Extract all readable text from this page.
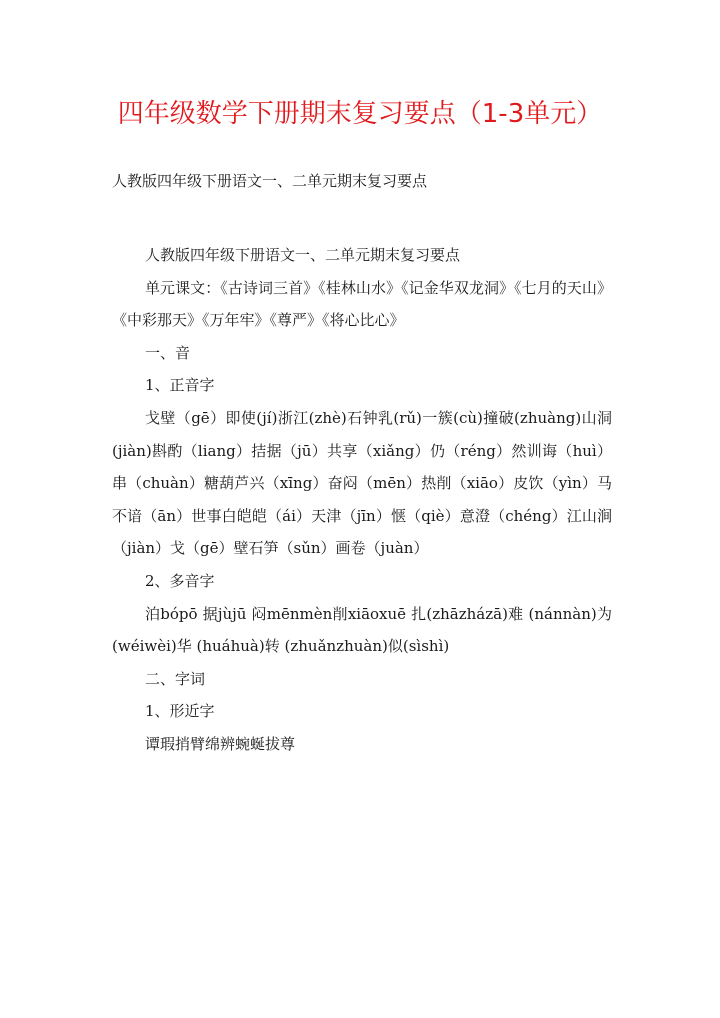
四年级数学下册期末复习要点（1-3单元）
人教版四年级下册语文一、二单元期末复习要点

人教版四年级下册语文一、二单元期末复习要点

单元课文：《古诗词三首》《桂林山水》《记金华双龙洞》《七月的天山》《中彩那天》《万年牢》《尊严》《将心比心》

一、音

1、正音字

戈壁（gē）即使(jí)浙江(zhè)石钟乳(rǔ)一簇(cù)撞破(zhuàng)山洞(jiàn)斟酌（liang）拮据（jū）共享（xiǎng）仍（réng）然训诲（huì）串（chuàn）糖葫芦兴（xīng）奋闷（mēn）热削（xiāo）皮饮（yìn）马不谙（ān）世事白皑皑（ái）天津（jīn）惬（qiè）意澄（chéng）江山涧（jiàn）戈（gē）壁石笋（sǔn）画卷（juàn）

2、多音字

泊bópō 据jùjū 闷mēnmèn削xiāoxuē 扎(zhāzházā)难 (nánnàn)为 (wéiwèi)华 (huáhuà)转 (zhuǎnzhuàn)似(sìshì)

二、字词

1、形近字

谭瑕捎臂绵辨蜿蜒拔尊
